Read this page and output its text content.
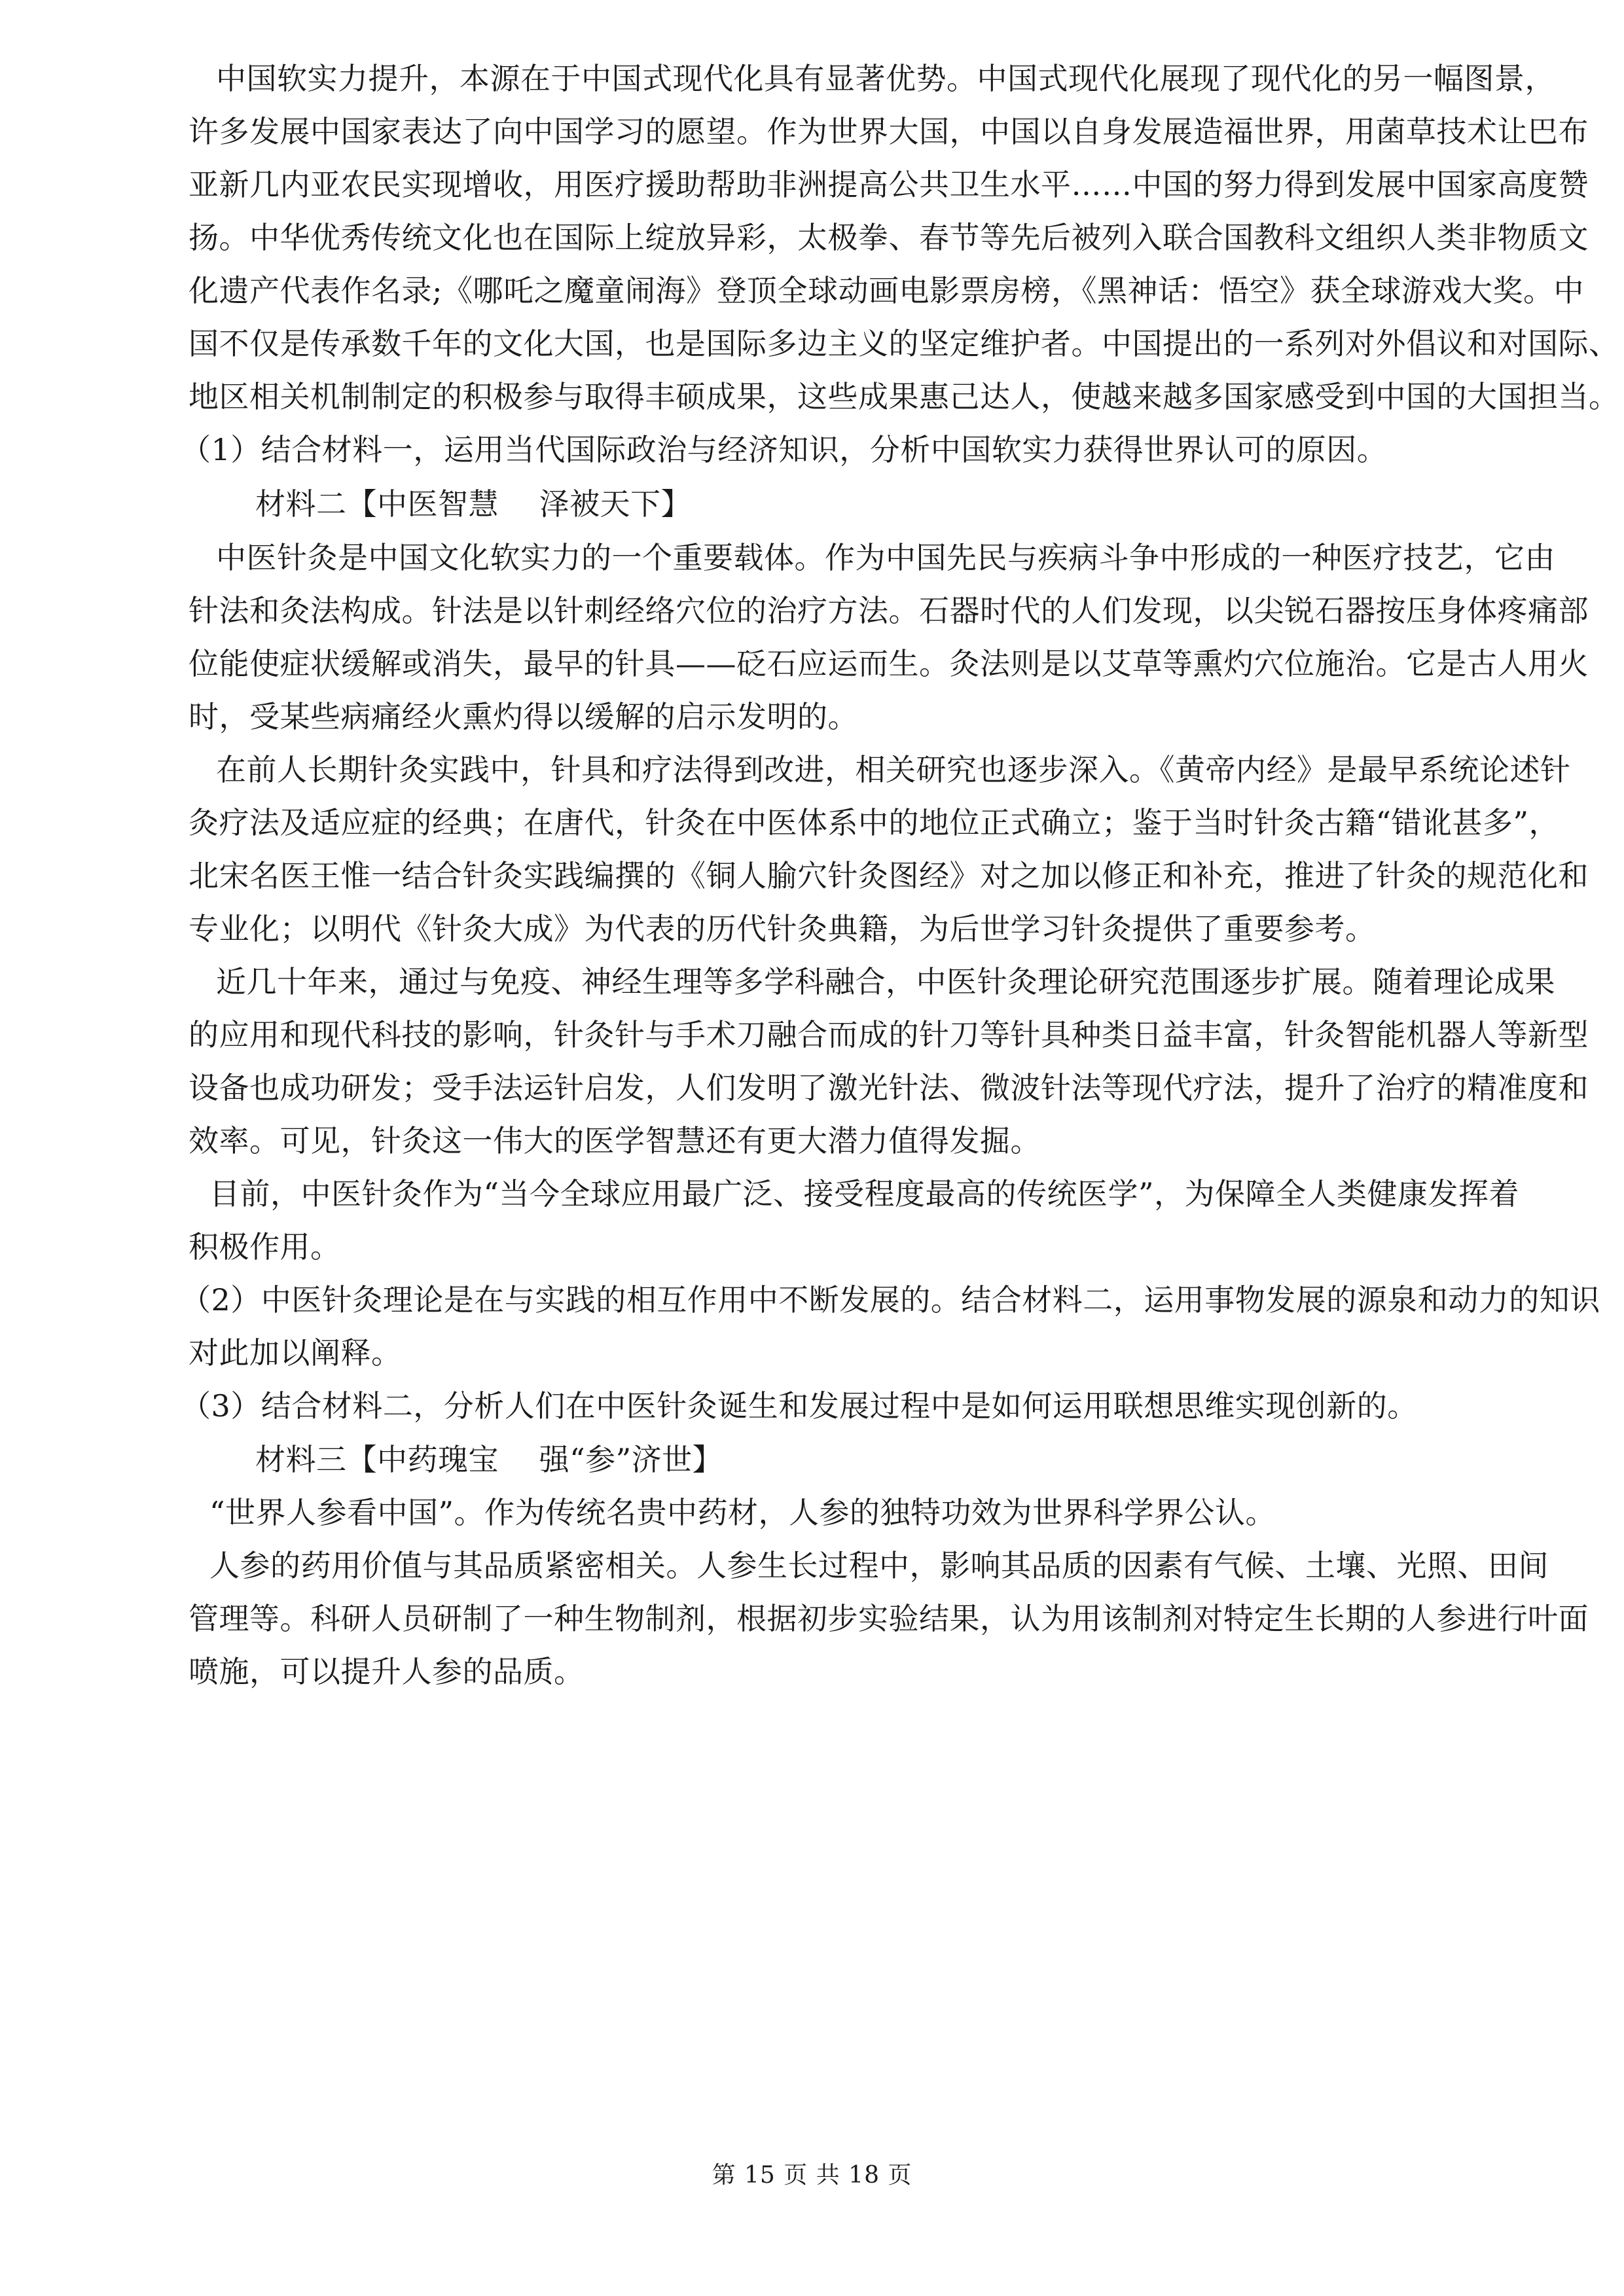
中国软实力提升，本源在于中国式现代化具有显著优势。中国式现代化展现了现代化的另一幅图景，
许多发展中国家表达了向中国学习的愿望。作为世界大国，中国以自身发展造福世界，用菌草技术让巴布
亚新几内亚农民实现增收，用医疗援助帮助非洲提高公共卫生水平……中国的努力得到发展中国家高度赞
扬。中华优秀传统文化也在国际上绽放异彩，太极拳、春节等先后被列入联合国教科文组织人类非物质文
化遗产代表作名录;《哪吒之魔童闹海》登顶全球动画电影票房榜，《黑神话：悟空》获全球游戏大奖。中
国不仅是传承数千年的文化大国，也是国际多边主义的坚定维护者。中国提出的一系列对外倡议和对国际、
地区相关机制制定的积极参与取得丰硕成果，这些成果惠己达人，使越来越多国家感受到中国的大国担当。
（1）结合材料一，运用当代国际政治与经济知识，分析中国软实力获得世界认可的原因。
材料二【中医智慧　 泽被天下】
中医针灸是中国文化软实力的一个重要载体。作为中国先民与疾病斗争中形成的一种医疗技艺，它由
针法和灸法构成。针法是以针刺经络穴位的治疗方法。石器时代的人们发现，以尖锐石器按压身体疼痛部
位能使症状缓解或消失，最早的针具——砭石应运而生。灸法则是以艾草等熏灼穴位施治。它是古人用火
时，受某些病痛经火熏灼得以缓解的启示发明的。
在前人长期针灸实践中，针具和疗法得到改进，相关研究也逐步深入。《黄帝内经》是最早系统论述针
灸疗法及适应症的经典；在唐代，针灸在中医体系中的地位正式确立；鉴于当时针灸古籍“错讹甚多”，
北宋名医王惟一结合针灸实践编撰的《铜人腧穴针灸图经》对之加以修正和补充，推进了针灸的规范化和
专业化；以明代《针灸大成》为代表的历代针灸典籍，为后世学习针灸提供了重要参考。
近几十年来，通过与免疫、神经生理等多学科融合，中医针灸理论研究范围逐步扩展。随着理论成果
的应用和现代科技的影响，针灸针与手术刀融合而成的针刀等针具种类日益丰富，针灸智能机器人等新型
设备也成功研发；受手法运针启发，人们发明了激光针法、微波针法等现代疗法，提升了治疗的精准度和
效率。可见，针灸这一伟大的医学智慧还有更大潜力值得发掘。
目前，中医针灸作为“当今全球应用最广泛、接受程度最高的传统医学”，为保障全人类健康发挥着
积极作用。
（2）中医针灸理论是在与实践的相互作用中不断发展的。结合材料二，运用事物发展的源泉和动力的知识
对此加以阐释。
（3）结合材料二，分析人们在中医针灸诞生和发展过程中是如何运用联想思维实现创新的。
材料三【中药瑰宝　 强“参”济世】
“世界人参看中国”。作为传统名贵中药材，人参的独特功效为世界科学界公认。
人参的药用价值与其品质紧密相关。人参生长过程中，影响其品质的因素有气候、土壤、光照、田间
管理等。科研人员研制了一种生物制剂，根据初步实验结果，认为用该制剂对特定生长期的人参进行叶面
喷施，可以提升人参的品质。
第 15 页 共 18 页
